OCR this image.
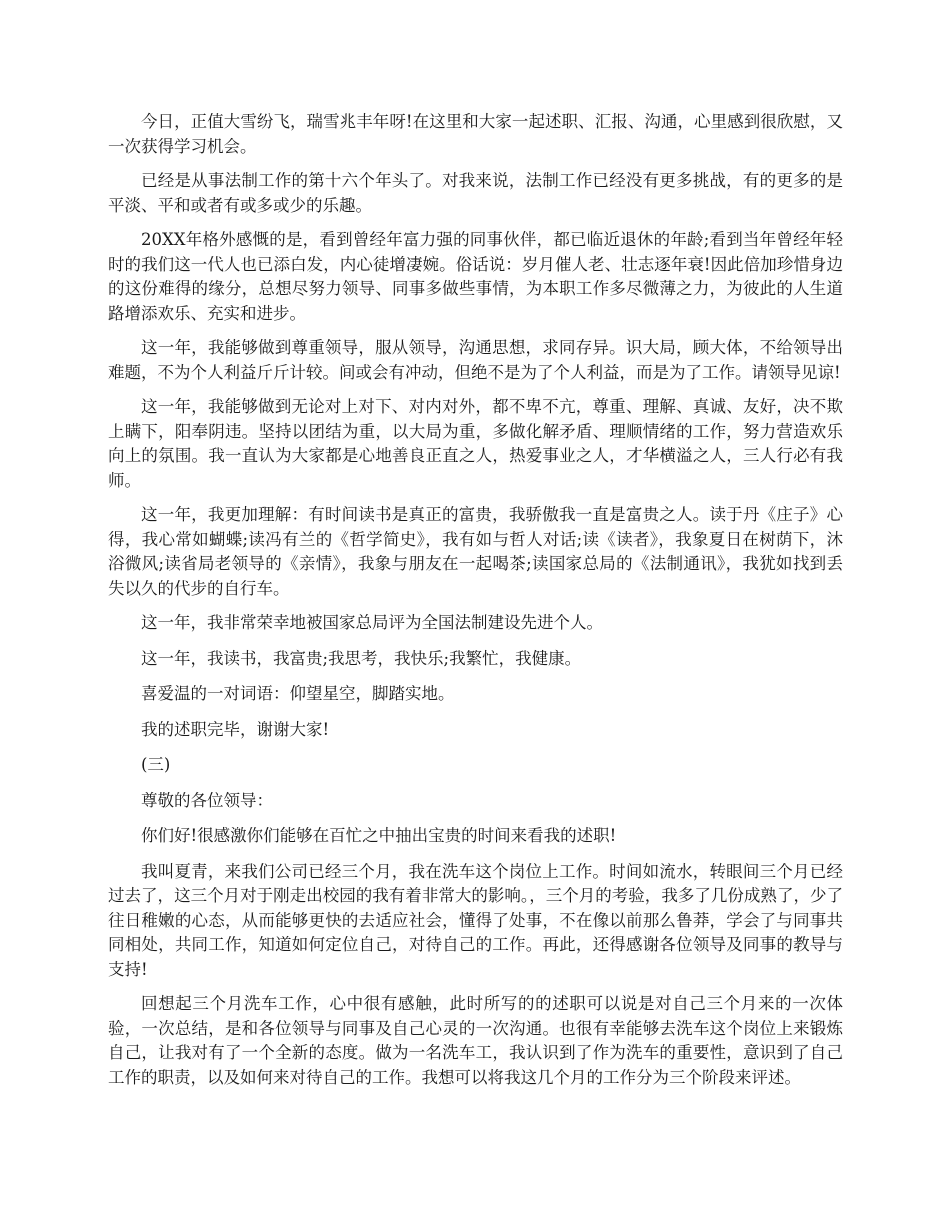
今日，正值大雪纷飞，瑞雪兆丰年呀!在这里和大家一起述职、汇报、沟通，心里感到很欣慰，又一次获得学习机会。

已经是从事法制工作的第十六个年头了。对我来说，法制工作已经没有更多挑战，有的更多的是平淡、平和或者有或多或少的乐趣。

20XX年格外感慨的是，看到曾经年富力强的同事伙伴，都已临近退休的年龄;看到当年曾经年轻时的我们这一代人也已添白发，内心徒增凄婉。俗话说：岁月催人老、壮志逐年衰!因此倍加珍惜身边的这份难得的缘分，总想尽努力领导、同事多做些事情，为本职工作多尽微薄之力，为彼此的人生道路增添欢乐、充实和进步。

这一年，我能够做到尊重领导，服从领导，沟通思想，求同存异。识大局，顾大体，不给领导出难题，不为个人利益斤斤计较。间或会有冲动，但绝不是为了个人利益，而是为了工作。请领导见谅!

这一年，我能够做到无论对上对下、对内对外，都不卑不亢，尊重、理解、真诚、友好，决不欺上瞒下，阳奉阴违。坚持以团结为重，以大局为重，多做化解矛盾、理顺情绪的工作，努力营造欢乐向上的氛围。我一直认为大家都是心地善良正直之人，热爱事业之人，才华横溢之人，三人行必有我师。

这一年，我更加理解：有时间读书是真正的富贵，我骄傲我一直是富贵之人。读于丹《庄子》心得，我心常如蝴蝶;读冯有兰的《哲学简史》，我有如与哲人对话;读《读者》，我象夏日在树荫下，沐浴微风;读省局老领导的《亲情》，我象与朋友在一起喝茶;读国家总局的《法制通讯》，我犹如找到丢失以久的代步的自行车。

这一年，我非常荣幸地被国家总局评为全国法制建设先进个人。

这一年，我读书，我富贵;我思考，我快乐;我繁忙，我健康。

喜爱温的一对词语：仰望星空，脚踏实地。

我的述职完毕，谢谢大家!

(三)

尊敬的各位领导：

你们好!很感激你们能够在百忙之中抽出宝贵的时间来看我的述职!

我叫夏青，来我们公司已经三个月，我在洗车这个岗位上工作。时间如流水，转眼间三个月已经过去了，这三个月对于刚走出校园的我有着非常大的影响。，三个月的考验，我多了几份成熟了，少了往日稚嫩的心态，从而能够更快的去适应社会，懂得了处事，不在像以前那么鲁莽，学会了与同事共同相处，共同工作，知道如何定位自己，对待自己的工作。再此，还得感谢各位领导及同事的教导与支持!

回想起三个月洗车工作，心中很有感触，此时所写的的述职可以说是对自己三个月来的一次体验，一次总结，是和各位领导与同事及自己心灵的一次沟通。也很有幸能够去洗车这个岗位上来锻炼自己，让我对有了一个全新的态度。做为一名洗车工，我认识到了作为洗车的重要性，意识到了自己工作的职责，以及如何来对待自己的工作。我想可以将我这几个月的工作分为三个阶段来评述。
